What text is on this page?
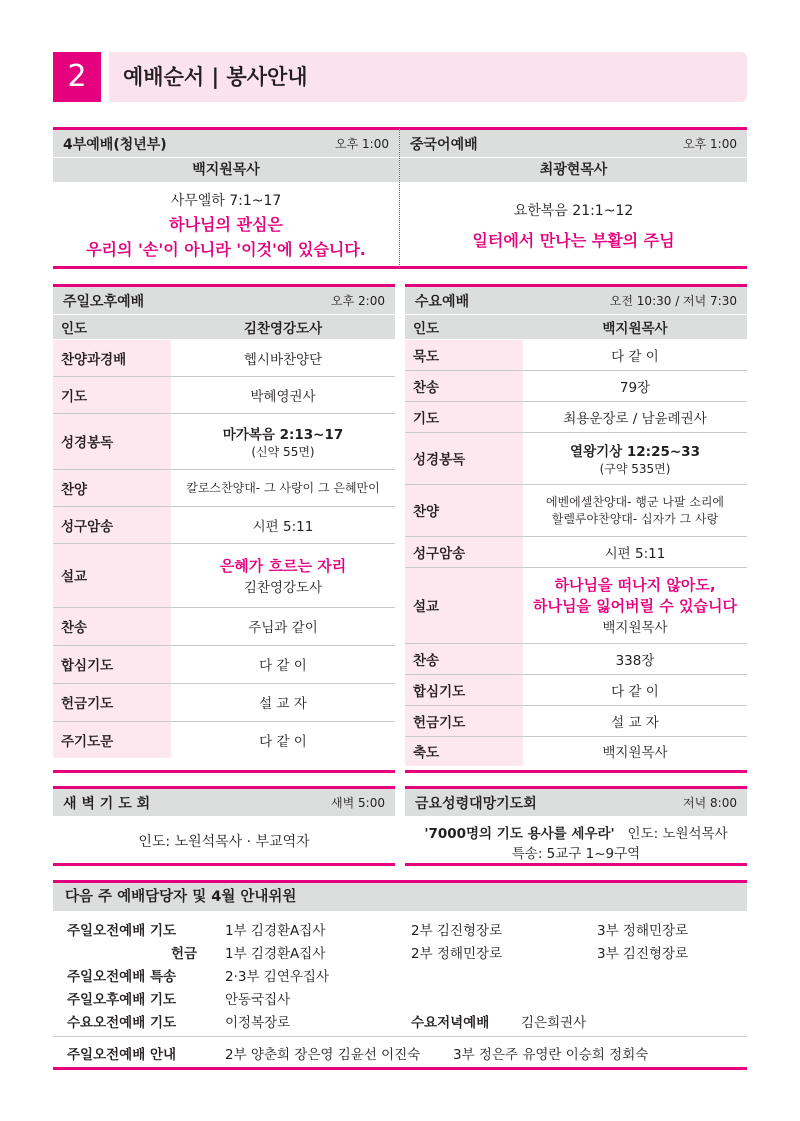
2	예배순서 | 봉사안내
4부예배(청년부)	오후 1:00
백지원목사
사무엘하 7:1~17
하나님의 관심은
우리의 '손'이 아니라 '이것'에 있습니다.
중국어예배	오후 1:00
최광현목사
요한복음 21:1~12
일터에서 만나는 부활의 주님
주일오후예배	오후 2:00
인도	김찬영강도사
찬양과경배	헵시바찬양단
기도	박혜영권사
성경봉독	마가복음 2:13~17
(신약 55면)

찬양	칼로스찬양대- 그 사랑이 그 은혜만이
성구암송	시편 5:11
설교	은혜가 흐르는 자리
김찬영강도사

찬송	주님과 같이
합심기도	다 같 이
헌금기도	설 교 자
주기도문	다 같 이
수요예배	오전 10:30 / 저녁 7:30
인도	백지원목사
묵도	다 같 이
찬송	79장
기도	최용운장로 / 남윤례권사
성경봉독	열왕기상 12:25~33
(구약 535면)

찬양	에벤에셀찬양대- 행군 나팔 소리에
할렐루야찬양대- 십자가 그 사랑

성구암송	시편 5:11
설교	하나님을 떠나지 않아도,
하나님을 잃어버릴 수 있습니다
백지원목사

찬송	338장
합심기도	다 같 이
헌금기도	설 교 자
축도	백지원목사
새 벽 기 도 회	새벽 5:00
인도: 노원석목사 · 부교역자
금요성령대망기도회	저녁 8:00
'7000명의 기도 용사를 세우라' 인도: 노원석목사
특송: 5교구 1~9구역
다음 주 예배담당자 및 4월 안내위원
주일오전예배 기도	1부 김경환A집사	2부 김진형장로	3부 정해민장로
헌금 1부 김경환A집사	2부 정해민장로	3부 김진형장로
주일오전예배 특송	2·3부 김연우집사
주일오후예배 기도	안동국집사
수요오전예배 기도	이정복장로	수요저녁예배 김은희권사
주일오전예배 안내	2부 양춘희 장은영 김윤선 이진숙 3부 정은주 유영란 이승희 정회숙
